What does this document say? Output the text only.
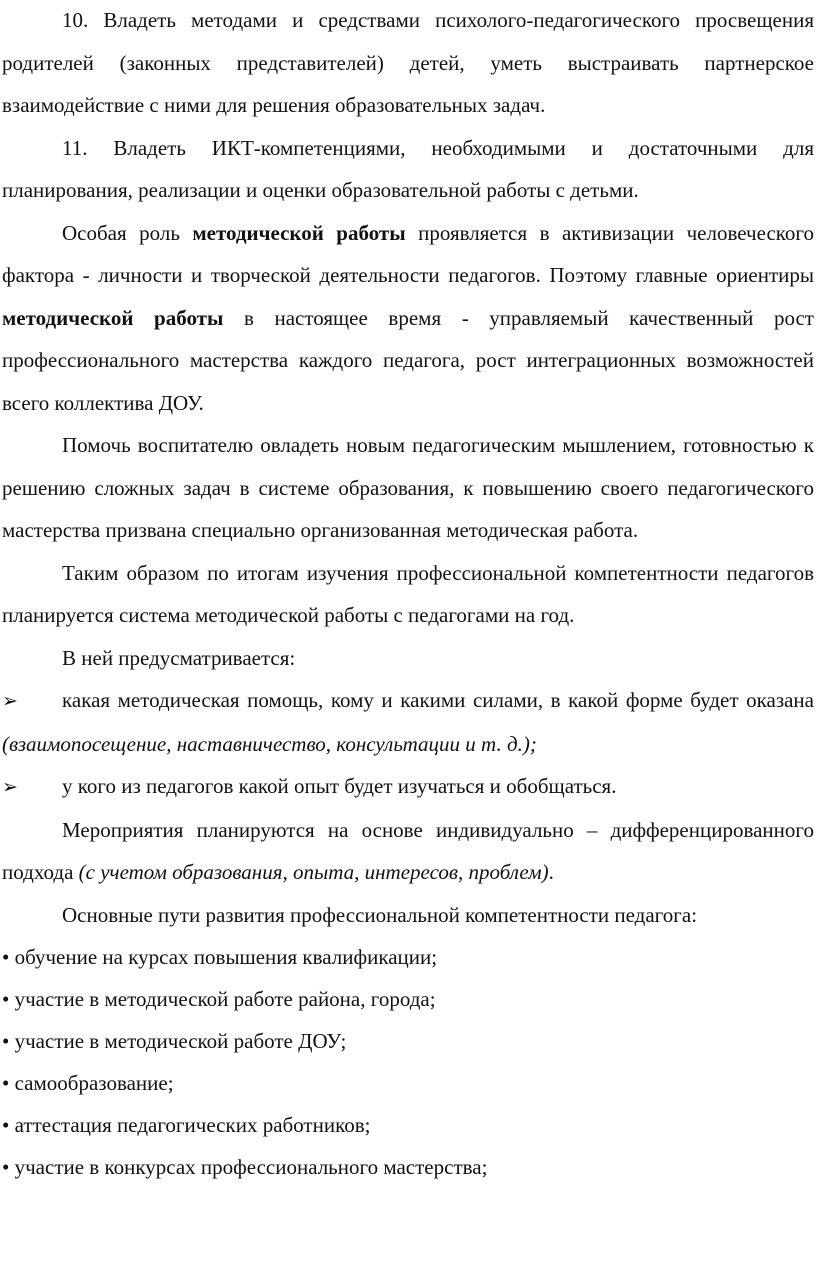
10. Владеть методами и средствами психолого-педагогического просвещения родителей (законных представителей) детей, уметь выстраивать партнерское взаимодействие с ними для решения образовательных задач.

11. Владеть ИКТ-компетенциями, необходимыми и достаточными для планирования, реализации и оценки образовательной работы с детьми.

Особая роль методической работы проявляется в активизации человеческого фактора - личности и творческой деятельности педагогов. Поэтому главные ориентиры методической работы в настоящее время - управляемый качественный рост профессионального мастерства каждого педагога, рост интеграционных возможностей всего коллектива ДОУ.

Помочь воспитателю овладеть новым педагогическим мышлением, готовностью к решению сложных задач в системе образования, к повышению своего педагогического мастерства призвана специально организованная методическая работа.

Таким образом по итогам изучения профессиональной компетентности педагогов планируется система методической работы с педагогами на год.

В ней предусматривается:

➢ какая методическая помощь, кому и какими силами, в какой форме будет оказана (взаимопосещение, наставничество, консультации и т. д.);

➢ у кого из педагогов какой опыт будет изучаться и обобщаться.

Мероприятия планируются на основе индивидуально – дифференцированного подхода (с учетом образования, опыта, интересов, проблем).

Основные пути развития профессиональной компетентности педагога:

• обучение на курсах повышения квалификации;

• участие в методической работе района, города;

• участие в методической работе ДОУ;

• самообразование;

• аттестация педагогических работников;

• участие в конкурсах профессионального мастерства;
